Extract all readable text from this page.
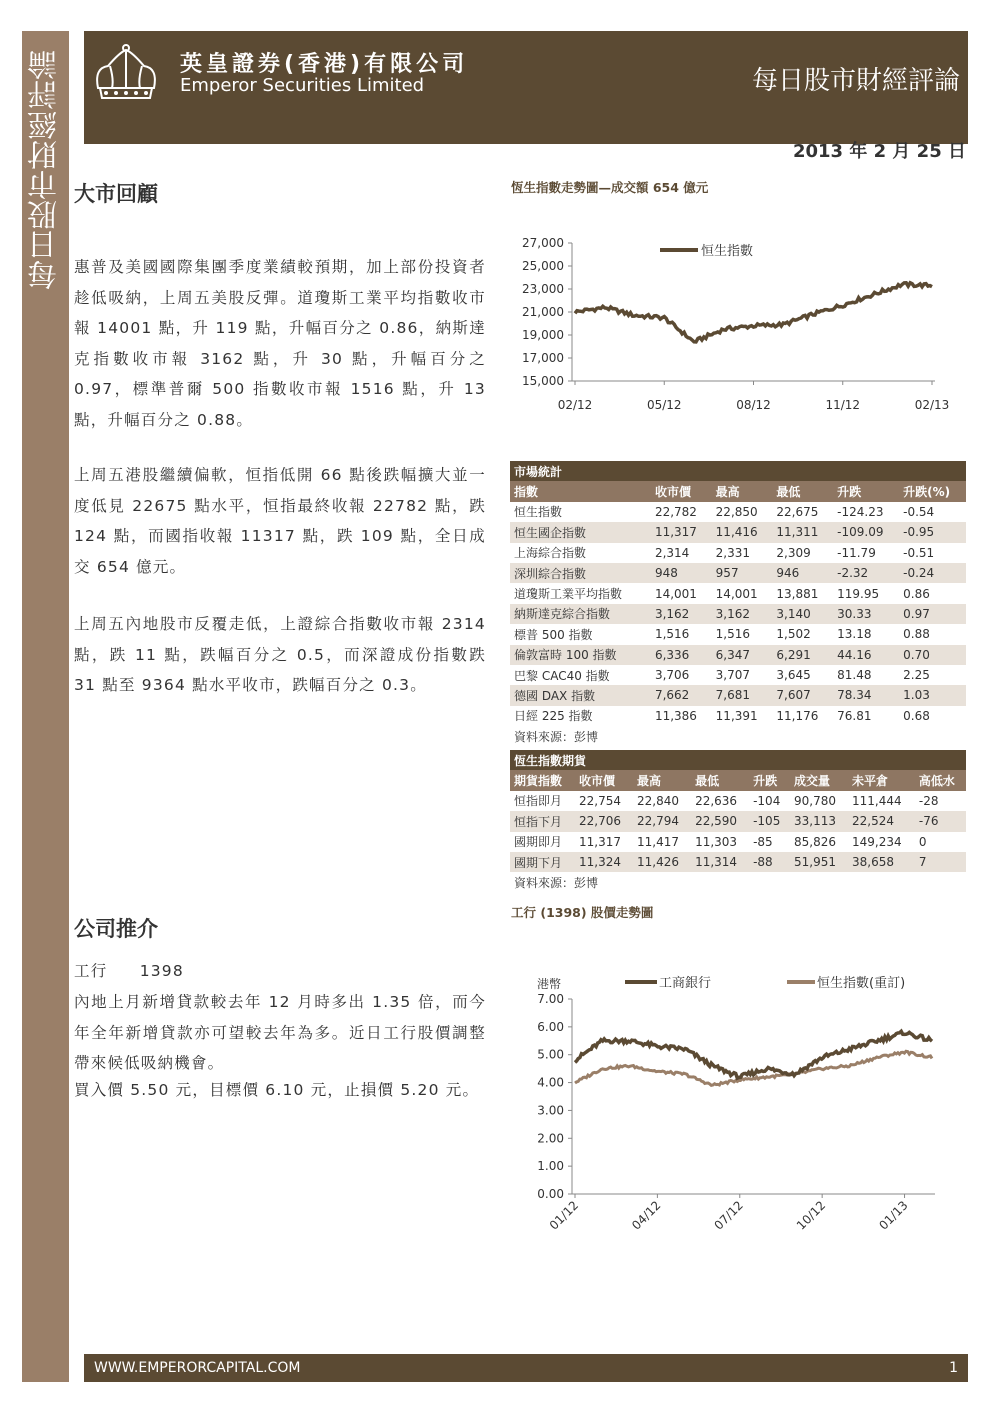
每日股市財經評論	英皇證券(香港)有限公司
Emperor Securities Limited	每日股市財經評論
2013 年 2 月 25 日
大市回顧
惠普及美國國際集團季度業績較預期，加上部份投資者趁低吸納，上周五美股反彈。道瓊斯工業平均指數收市報 14001 點，升 119 點，升幅百分之 0.86，納斯達克指數收市報 3162 點，升 30 點，升幅百分之 0.97，標準普爾 500 指數收市報 1516 點，升 13 點，升幅百分之 0.88。
上周五港股繼續偏軟，恒指低開 66 點後跌幅擴大並一度低見 22675 點水平，恒指最終收報 22782 點，跌 124 點，而國指收報 11317 點，跌 109 點，全日成交 654 億元。
上周五內地股市反覆走低，上證綜合指數收市報 2314 點，跌 11 點，跌幅百分之 0.5，而深證成份指數跌 31 點至 9364 點水平收市，跌幅百分之 0.3。
公司推介
工行 1398
內地上月新增貸款較去年 12 月時多出 1.35 倍，而今年全年新增貸款亦可望較去年為多。近日工行股價調整帶來候低吸納機會。
買入價 5.50 元，目標價 6.10 元，止損價 5.20 元。
恆生指數走勢圖—成交額 654 億元
15,000
17,000
19,000
21,000
23,000
25,000
27,000
02/12	05/12	08/12	11/12	02/13
恒生指數
市場統計					
指數	收市價	最高	最低	升跌	升跌(%)
恒生指數	22,782	22,850	22,675	-124.23	-0.54
恒生國企指數	11,317	11,416	11,311	-109.09	-0.95
上海綜合指數	2,314	2,331	2,309	-11.79	-0.51
深圳綜合指數	948	957	946	-2.32	-0.24
道瓊斯工業平均指數	14,001	14,001	13,881	119.95	0.86
納斯達克綜合指數	3,162	3,162	3,140	30.33	0.97
標普 500 指數	1,516	1,516	1,502	13.18	0.88
倫敦富時 100 指數	6,336	6,347	6,291	44.16	0.70
巴黎 CAC40 指數	3,706	3,707	3,645	81.48	2.25
德國 DAX 指數	7,662	7,681	7,607	78.34	1.03
日經 225 指數	11,386	11,391	11,176	76.81	0.68
資料來源：彭博					
恆生指數期貨							
期貨指數	收市價	最高	最低	升跌	成交量	未平倉	高低水
恒指即月	22,754	22,840	22,636	-104	90,780	111,444	-28
恒指下月	22,706	22,794	22,590	-105	33,113	22,524	-76
國期即月	11,317	11,417	11,303	-85	85,826	149,234	0
國期下月	11,324	11,426	11,314	-88	51,951	38,658	7
資料來源：彭博							
工行 (1398) 股價走勢圖
港幣
0.00
1.00
2.00
3.00
4.00
5.00
6.00
7.00
01/12	04/12	07/12	10/12	01/13
工商銀行	恒生指數(重訂)
WWW.EMPERORCAPITAL.COM	1
